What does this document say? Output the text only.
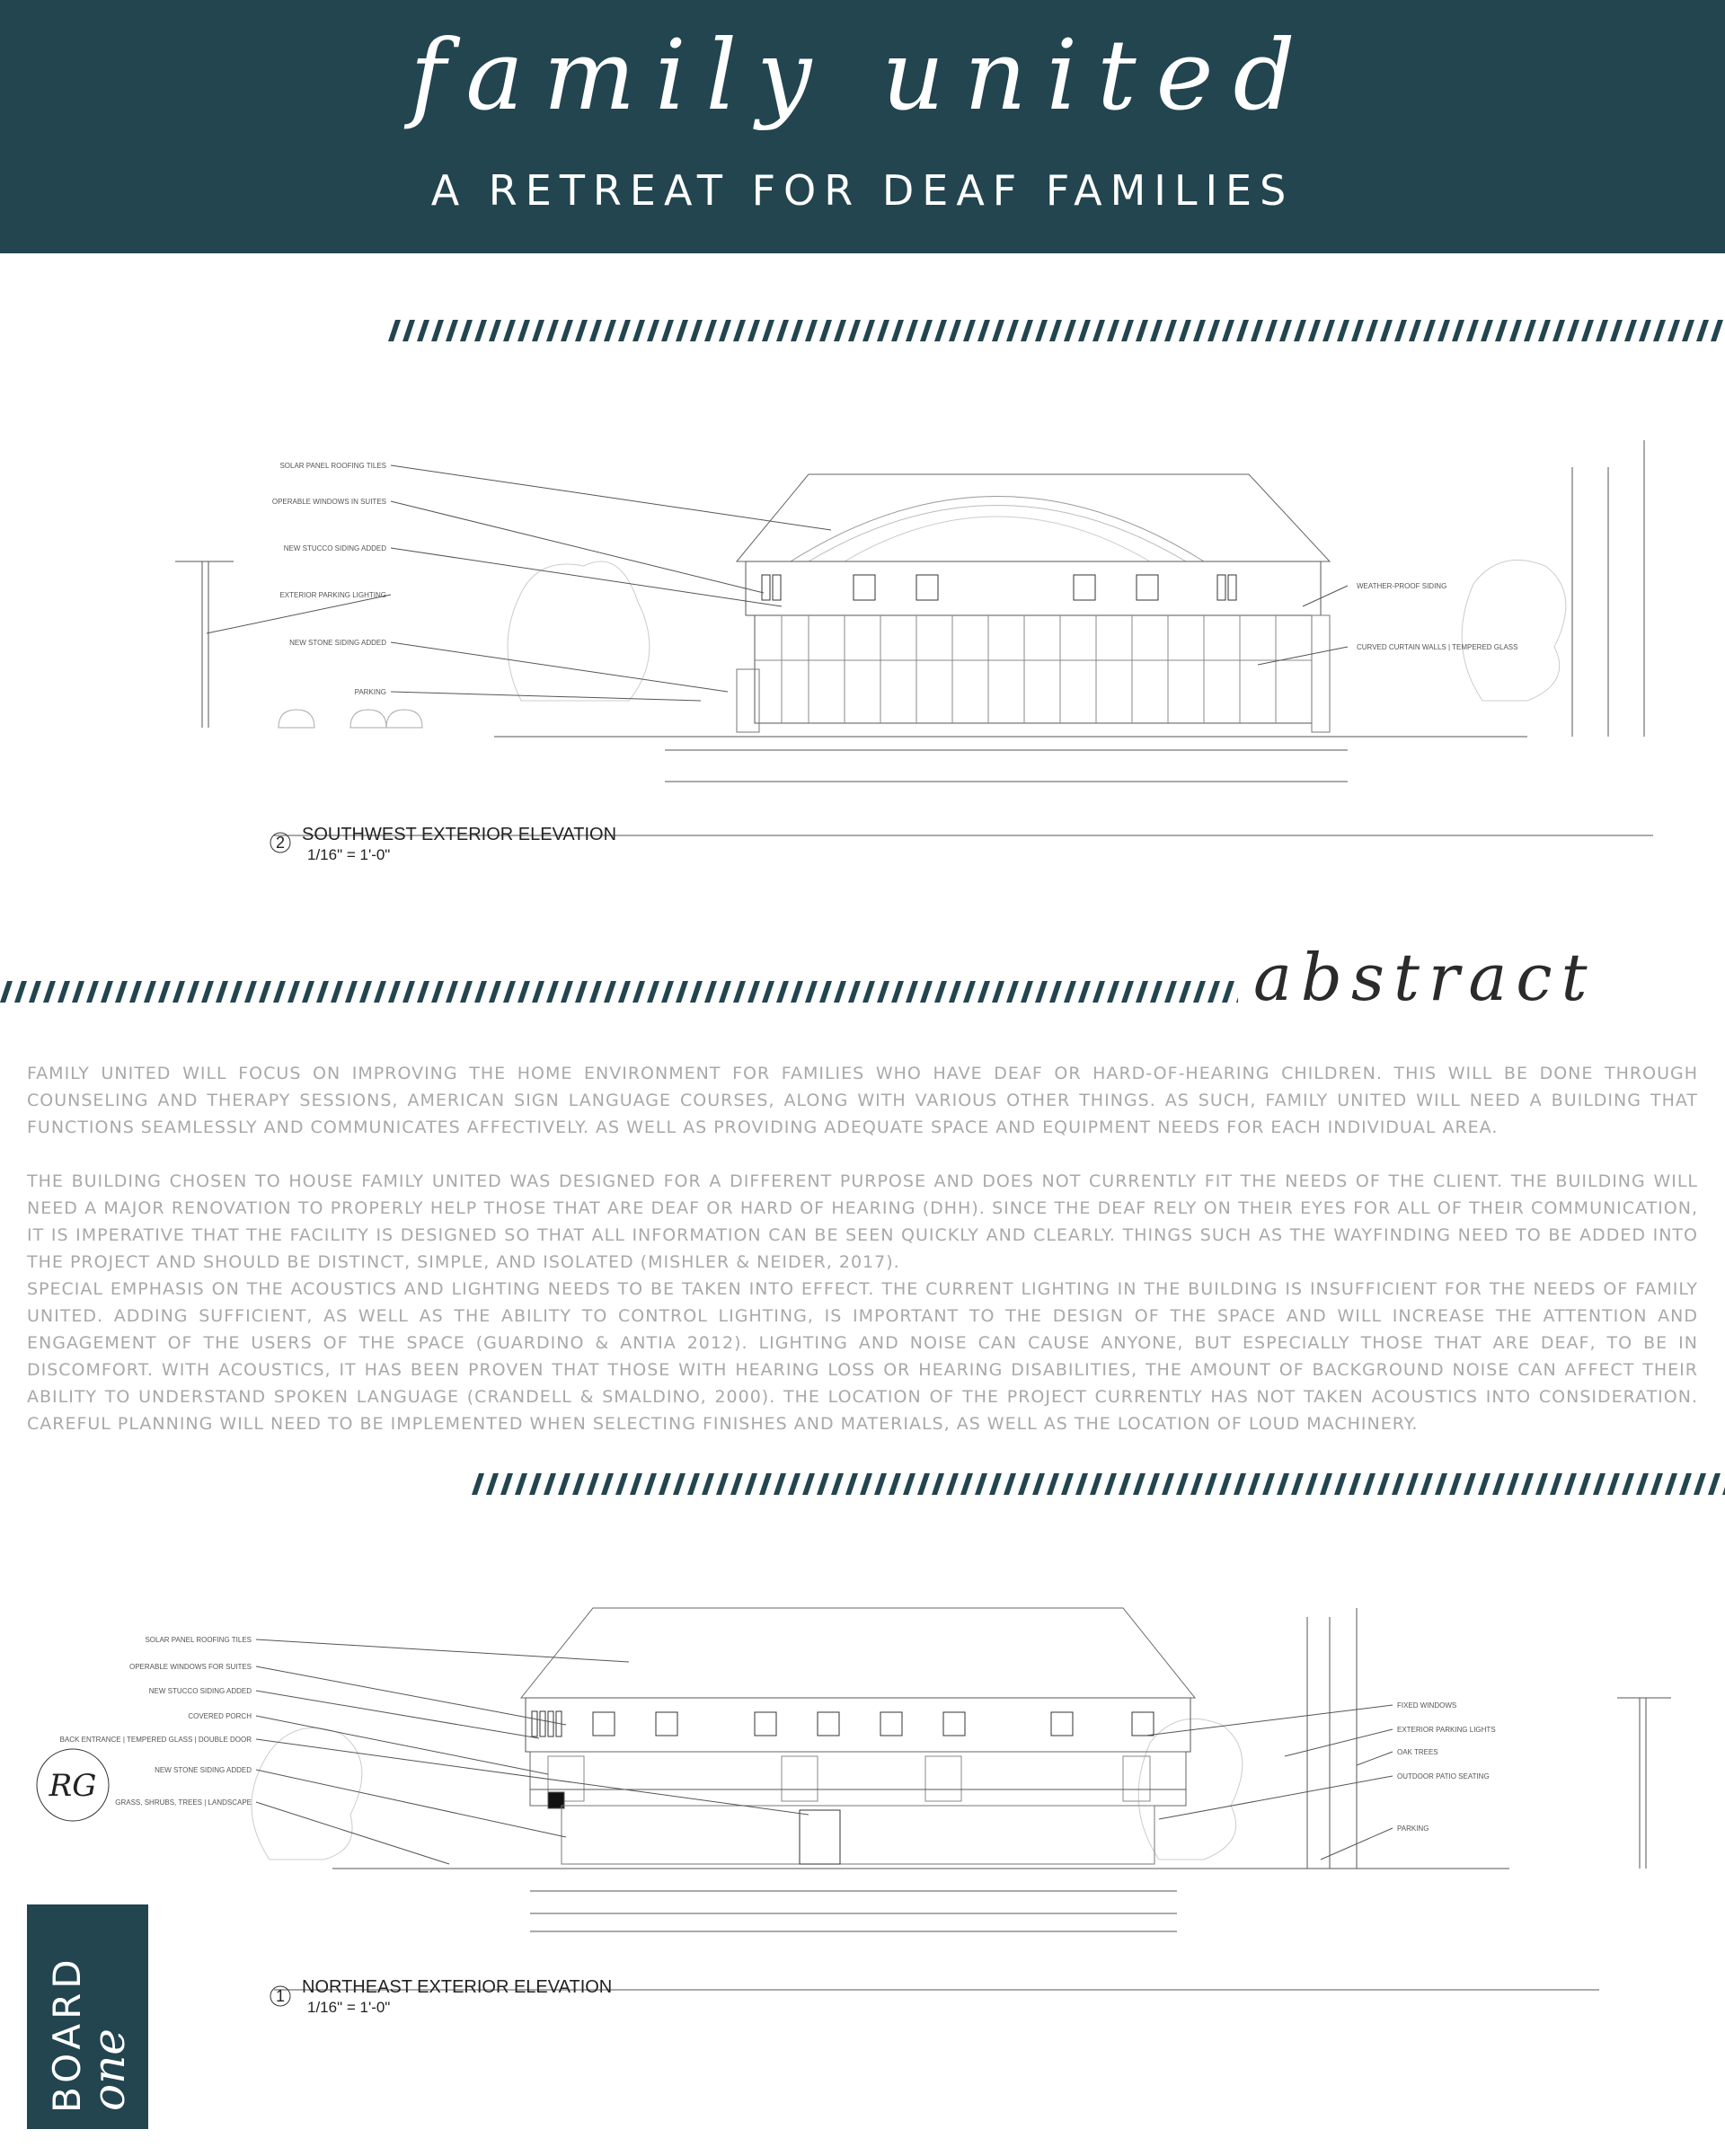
family united
A RETREAT FOR DEAF FAMILIES
SOLAR PANEL ROOFING TILES
OPERABLE WINDOWS IN SUITES
NEW STUCCO SIDING ADDED
EXTERIOR PARKING LIGHTING
NEW STONE SIDING ADDED
PARKING
WEATHER-PROOF SIDING
CURVED CURTAIN WALLS | TEMPERED GLASS
2 SOUTHWEST EXTERIOR ELEVATION
1/16" = 1'-0"
abstract
FAMILY UNITED WILL FOCUS ON IMPROVING THE HOME ENVIRONMENT FOR FAMILIES WHO HAVE DEAF OR HARD-OF-HEARING CHILDREN. THIS WILL BE DONE THROUGH COUNSELING AND THERAPY SESSIONS, AMERICAN SIGN LANGUAGE COURSES, ALONG WITH VARIOUS OTHER THINGS. AS SUCH, FAMILY UNITED WILL NEED A BUILDING THAT FUNCTIONS SEAMLESSLY AND COMMUNICATES AFFECTIVELY. AS WELL AS PROVIDING ADEQUATE SPACE AND EQUIPMENT NEEDS FOR EACH INDIVIDUAL AREA.
THE BUILDING CHOSEN TO HOUSE FAMILY UNITED WAS DESIGNED FOR A DIFFERENT PURPOSE AND DOES NOT CURRENTLY FIT THE NEEDS OF THE CLIENT. THE BUILDING WILL NEED A MAJOR RENOVATION TO PROPERLY HELP THOSE THAT ARE DEAF OR HARD OF HEARING (DHH). SINCE THE DEAF RELY ON THEIR EYES FOR ALL OF THEIR COMMUNICATION, IT IS IMPERATIVE THAT THE FACILITY IS DESIGNED SO THAT ALL INFORMATION CAN BE SEEN QUICKLY AND CLEARLY. THINGS SUCH AS THE WAYFINDING NEED TO BE ADDED INTO THE PROJECT AND SHOULD BE DISTINCT, SIMPLE, AND ISOLATED (MISHLER & NEIDER, 2017).
SPECIAL EMPHASIS ON THE ACOUSTICS AND LIGHTING NEEDS TO BE TAKEN INTO EFFECT. THE CURRENT LIGHTING IN THE BUILDING IS INSUFFICIENT FOR THE NEEDS OF FAMILY UNITED. ADDING SUFFICIENT, AS WELL AS THE ABILITY TO CONTROL LIGHTING, IS IMPORTANT TO THE DESIGN OF THE SPACE AND WILL INCREASE THE ATTENTION AND ENGAGEMENT OF THE USERS OF THE SPACE (GUARDINO & ANTIA 2012). LIGHTING AND NOISE CAN CAUSE ANYONE, BUT ESPECIALLY THOSE THAT ARE DEAF, TO BE IN DISCOMFORT. WITH ACOUSTICS, IT HAS BEEN PROVEN THAT THOSE WITH HEARING LOSS OR HEARING DISABILITIES, THE AMOUNT OF BACKGROUND NOISE CAN AFFECT THEIR ABILITY TO UNDERSTAND SPOKEN LANGUAGE (CRANDELL & SMALDINO, 2000). THE LOCATION OF THE PROJECT CURRENTLY HAS NOT TAKEN ACOUSTICS INTO CONSIDERATION. CAREFUL PLANNING WILL NEED TO BE IMPLEMENTED WHEN SELECTING FINISHES AND MATERIALS, AS WELL AS THE LOCATION OF LOUD MACHINERY.
SOLAR PANEL ROOFING TILES
OPERABLE WINDOWS FOR SUITES
NEW STUCCO SIDING ADDED
COVERED PORCH
BACK ENTRANCE | TEMPERED GLASS | DOUBLE DOOR
NEW STONE SIDING ADDED
GRASS, SHRUBS, TREES | LANDSCAPE
FIXED WINDOWS
EXTERIOR PARKING LIGHTS
OAK TREES
OUTDOOR PATIO SEATING
PARKING
1 NORTHEAST EXTERIOR ELEVATION
1/16" = 1'-0"
RG
BOARD
one
